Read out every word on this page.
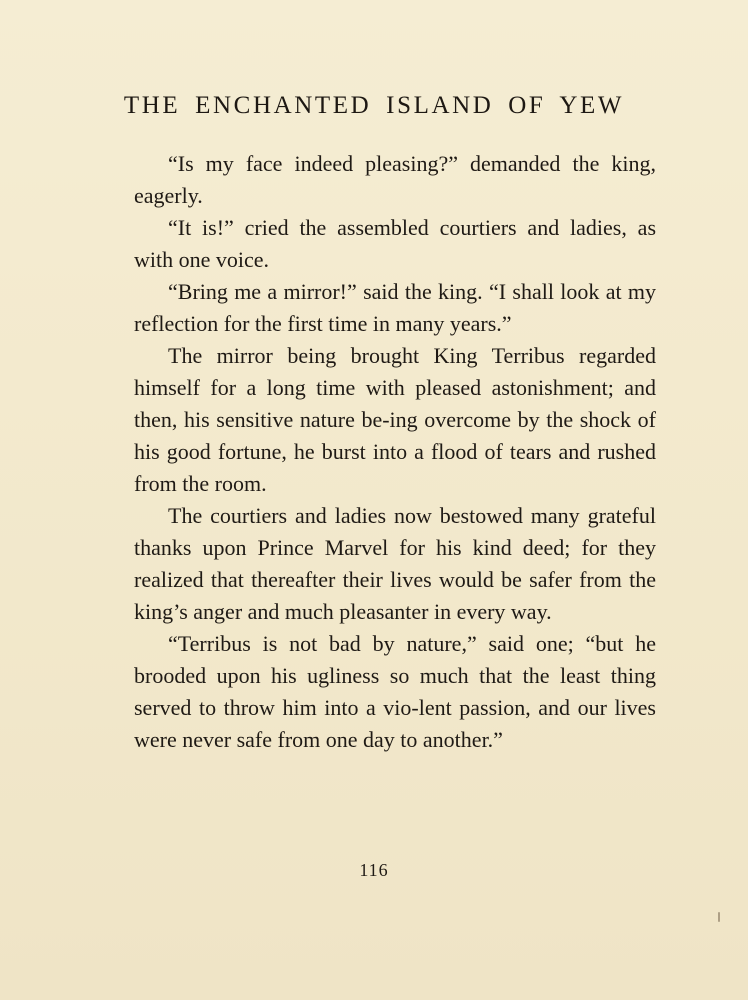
THE ENCHANTED ISLAND OF YEW

“Is my face indeed pleasing?” demanded the king, eagerly.

“It is!” cried the assembled courtiers and ladies, as with one voice.

“Bring me a mirror!” said the king. “I shall look at my reflection for the first time in many years.”

The mirror being brought King Terribus regarded himself for a long time with pleased astonishment; and then, his sensitive nature be-ing overcome by the shock of his good fortune, he burst into a flood of tears and rushed from the room.

The courtiers and ladies now bestowed many grateful thanks upon Prince Marvel for his kind deed; for they realized that thereafter their lives would be safer from the king’s anger and much pleasanter in every way.

“Terribus is not bad by nature,” said one; “but he brooded upon his ugliness so much that the least thing served to throw him into a vio-lent passion, and our lives were never safe from one day to another.”

116
